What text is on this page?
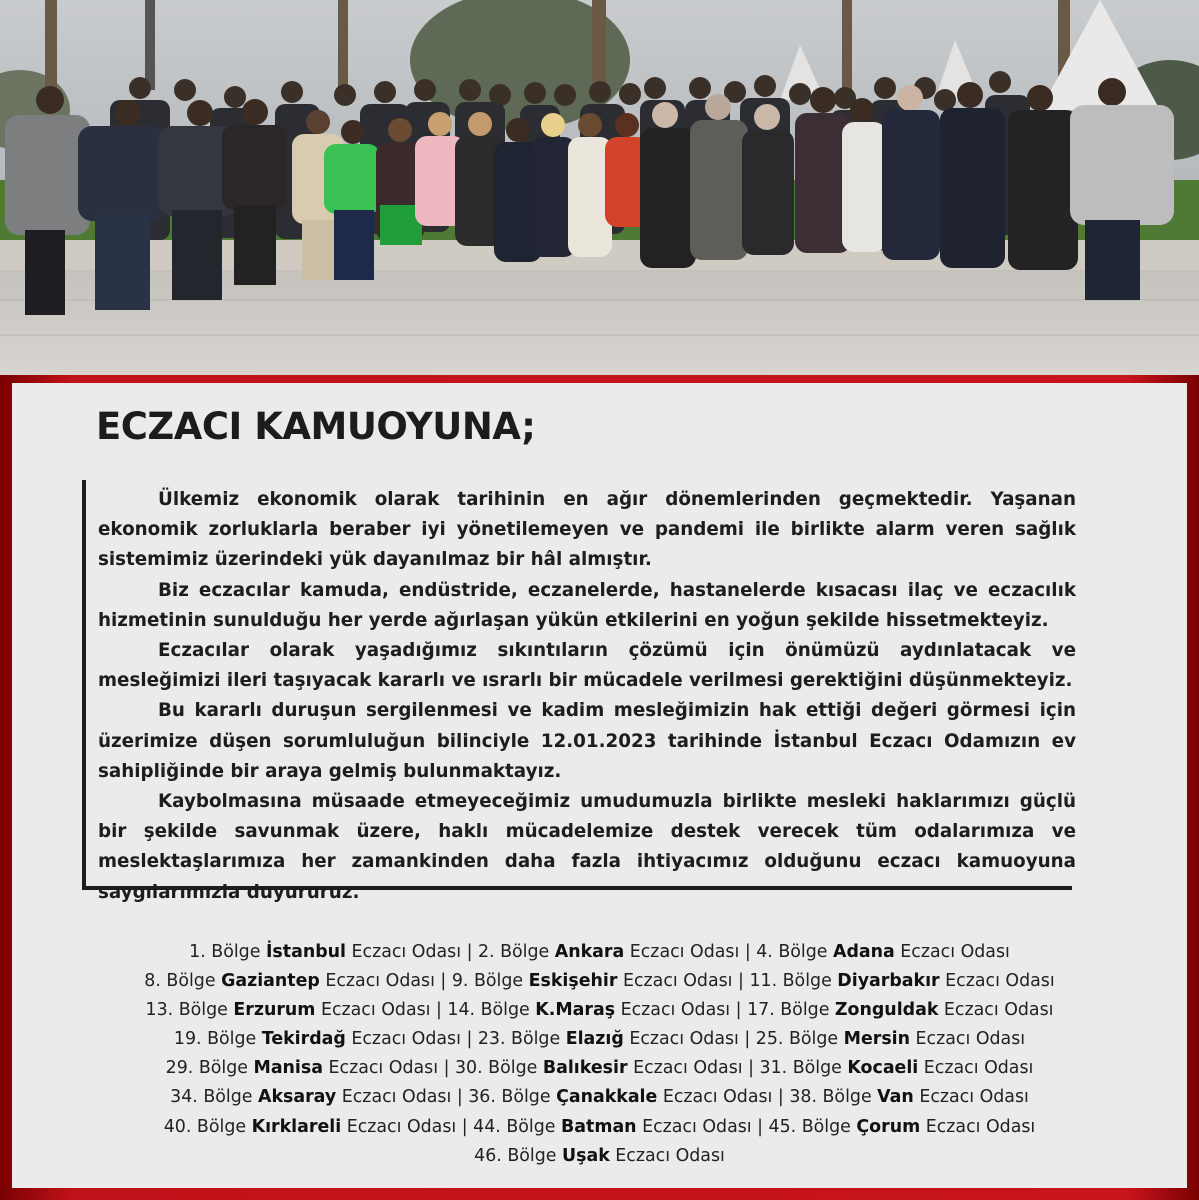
ECZACI KAMUOYUNA;

Ülkemiz ekonomik olarak tarihinin en ağır dönemlerinden geçmektedir. Yaşanan ekonomik zorluklarla beraber iyi yönetilemeyen ve pandemi ile birlikte alarm veren sağlık sistemimiz üzerindeki yük dayanılmaz bir hâl almıştır.

Biz eczacılar kamuda, endüstride, eczanelerde, hastanelerde kısacası ilaç ve eczacılık hizmetinin sunulduğu her yerde ağırlaşan yükün etkilerini en yoğun şekilde hissetmekteyiz.

Eczacılar olarak yaşadığımız sıkıntıların çözümü için önümüzü aydınlatacak ve mesleğimizi ileri taşıyacak kararlı ve ısrarlı bir mücadele verilmesi gerektiğini düşünmekteyiz.

Bu kararlı duruşun sergilenmesi ve kadim mesleğimizin hak ettiği değeri görmesi için üzerimize düşen sorumluluğun bilinciyle 12.01.2023 tarihinde İstanbul Eczacı Odamızın ev sahipliğinde bir araya gelmiş bulunmaktayız.

Kaybolmasına müsaade etmeyeceğimiz umudumuzla birlikte mesleki haklarımızı güçlü bir şekilde savunmak üzere, haklı mücadelemize destek verecek tüm odalarımıza ve meslektaşlarımıza her zamankinden daha fazla ihtiyacımız olduğunu eczacı kamuoyuna saygılarımızla duyururuz.

1. Bölge İstanbul Eczacı Odası | 2. Bölge Ankara Eczacı Odası | 4. Bölge Adana Eczacı Odası
8. Bölge Gaziantep Eczacı Odası | 9. Bölge Eskişehir Eczacı Odası | 11. Bölge Diyarbakır Eczacı Odası
13. Bölge Erzurum Eczacı Odası | 14. Bölge K.Maraş Eczacı Odası | 17. Bölge Zonguldak Eczacı Odası
19. Bölge Tekirdağ Eczacı Odası | 23. Bölge Elazığ Eczacı Odası | 25. Bölge Mersin Eczacı Odası
29. Bölge Manisa Eczacı Odası | 30. Bölge Balıkesir Eczacı Odası | 31. Bölge Kocaeli Eczacı Odası
34. Bölge Aksaray Eczacı Odası | 36. Bölge Çanakkale Eczacı Odası | 38. Bölge Van Eczacı Odası
40. Bölge Kırklareli Eczacı Odası | 44. Bölge Batman Eczacı Odası | 45. Bölge Çorum Eczacı Odası
46. Bölge Uşak Eczacı Odası
